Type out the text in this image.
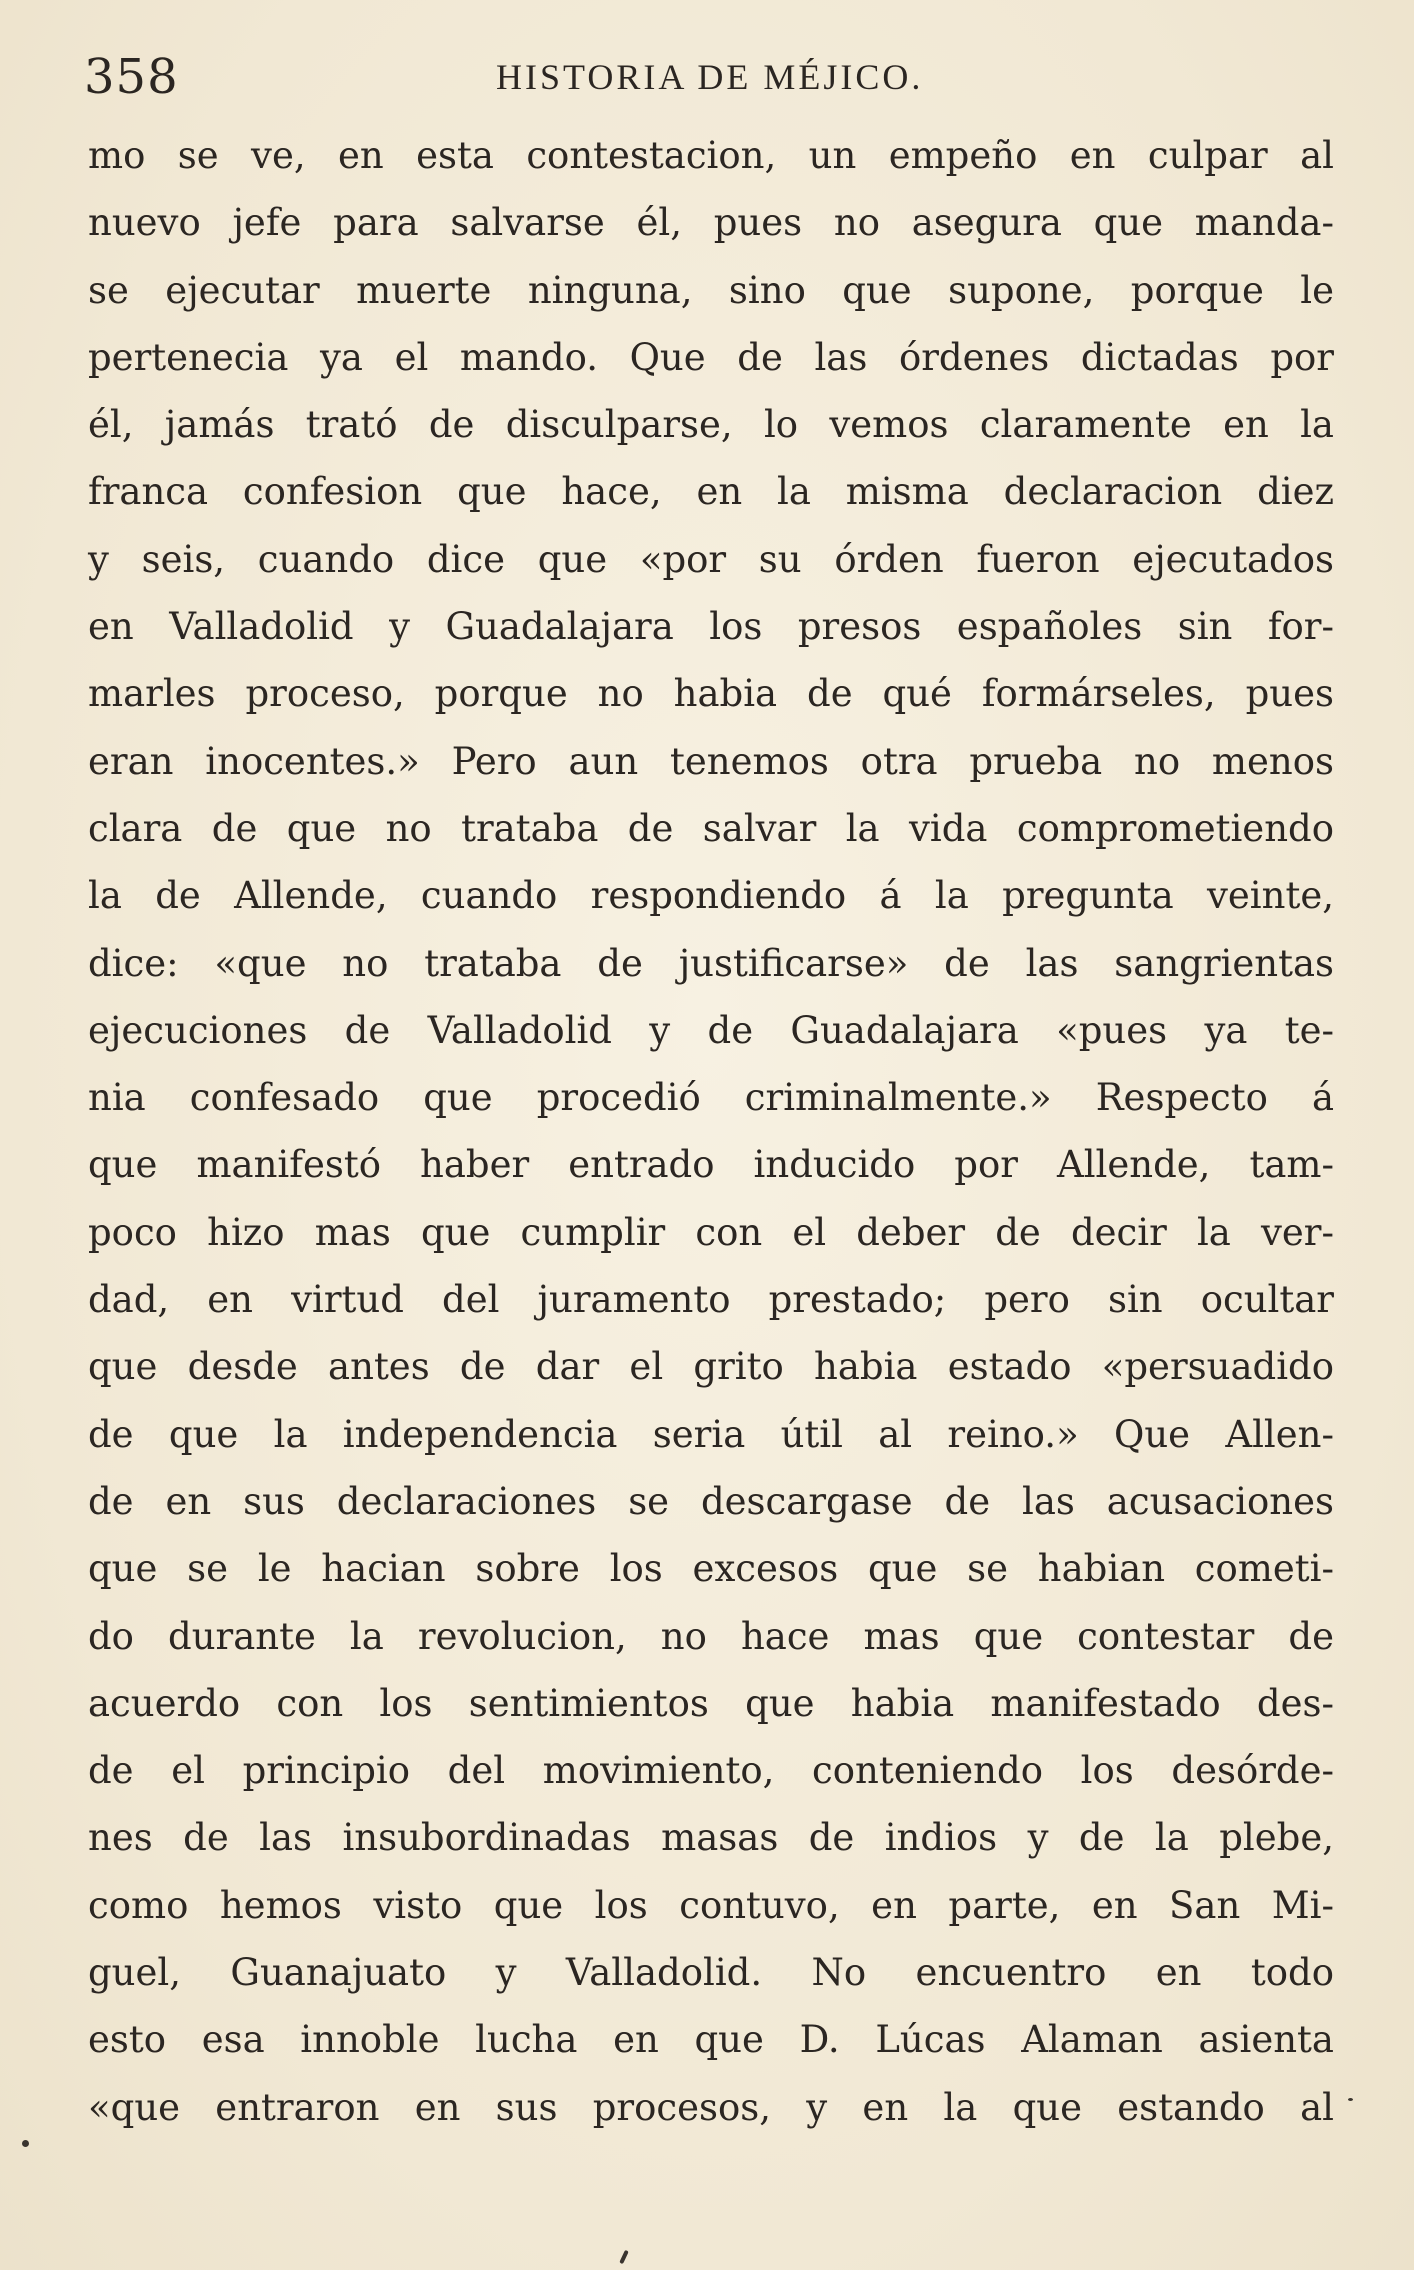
358	HISTORIA DE MÉJICO.
mo se ve, en esta contestacion, un empeño en culpar al
nuevo jefe para salvarse él, pues no asegura que manda-
se ejecutar muerte ninguna, sino que supone, porque le
pertenecia ya el mando. Que de las órdenes dictadas por
él, jamás trató de disculparse, lo vemos claramente en la
franca confesion que hace, en la misma declaracion diez
y seis, cuando dice que «por su órden fueron ejecutados
en Valladolid y Guadalajara los presos españoles sin for-
marles proceso, porque no habia de qué formárseles, pues
eran inocentes.» Pero aun tenemos otra prueba no menos
clara de que no trataba de salvar la vida comprometiendo
la de Allende, cuando respondiendo á la pregunta veinte,
dice: «que no trataba de justificarse» de las sangrientas
ejecuciones de Valladolid y de Guadalajara «pues ya te-
nia confesado que procedió criminalmente.» Respecto á
que manifestó haber entrado inducido por Allende, tam-
poco hizo mas que cumplir con el deber de decir la ver-
dad, en virtud del juramento prestado; pero sin ocultar
que desde antes de dar el grito habia estado «persuadido
de que la independencia seria útil al reino.» Que Allen-
de en sus declaraciones se descargase de las acusaciones
que se le hacian sobre los excesos que se habian cometi-
do durante la revolucion, no hace mas que contestar de
acuerdo con los sentimientos que habia manifestado des-
de el principio del movimiento, conteniendo los desórde-
nes de las insubordinadas masas de indios y de la plebe,
como hemos visto que los contuvo, en parte, en San Mi-
guel, Guanajuato y Valladolid. No encuentro en todo
esto esa innoble lucha en que D. Lúcas Alaman asienta
«que entraron en sus procesos, y en la que estando al
